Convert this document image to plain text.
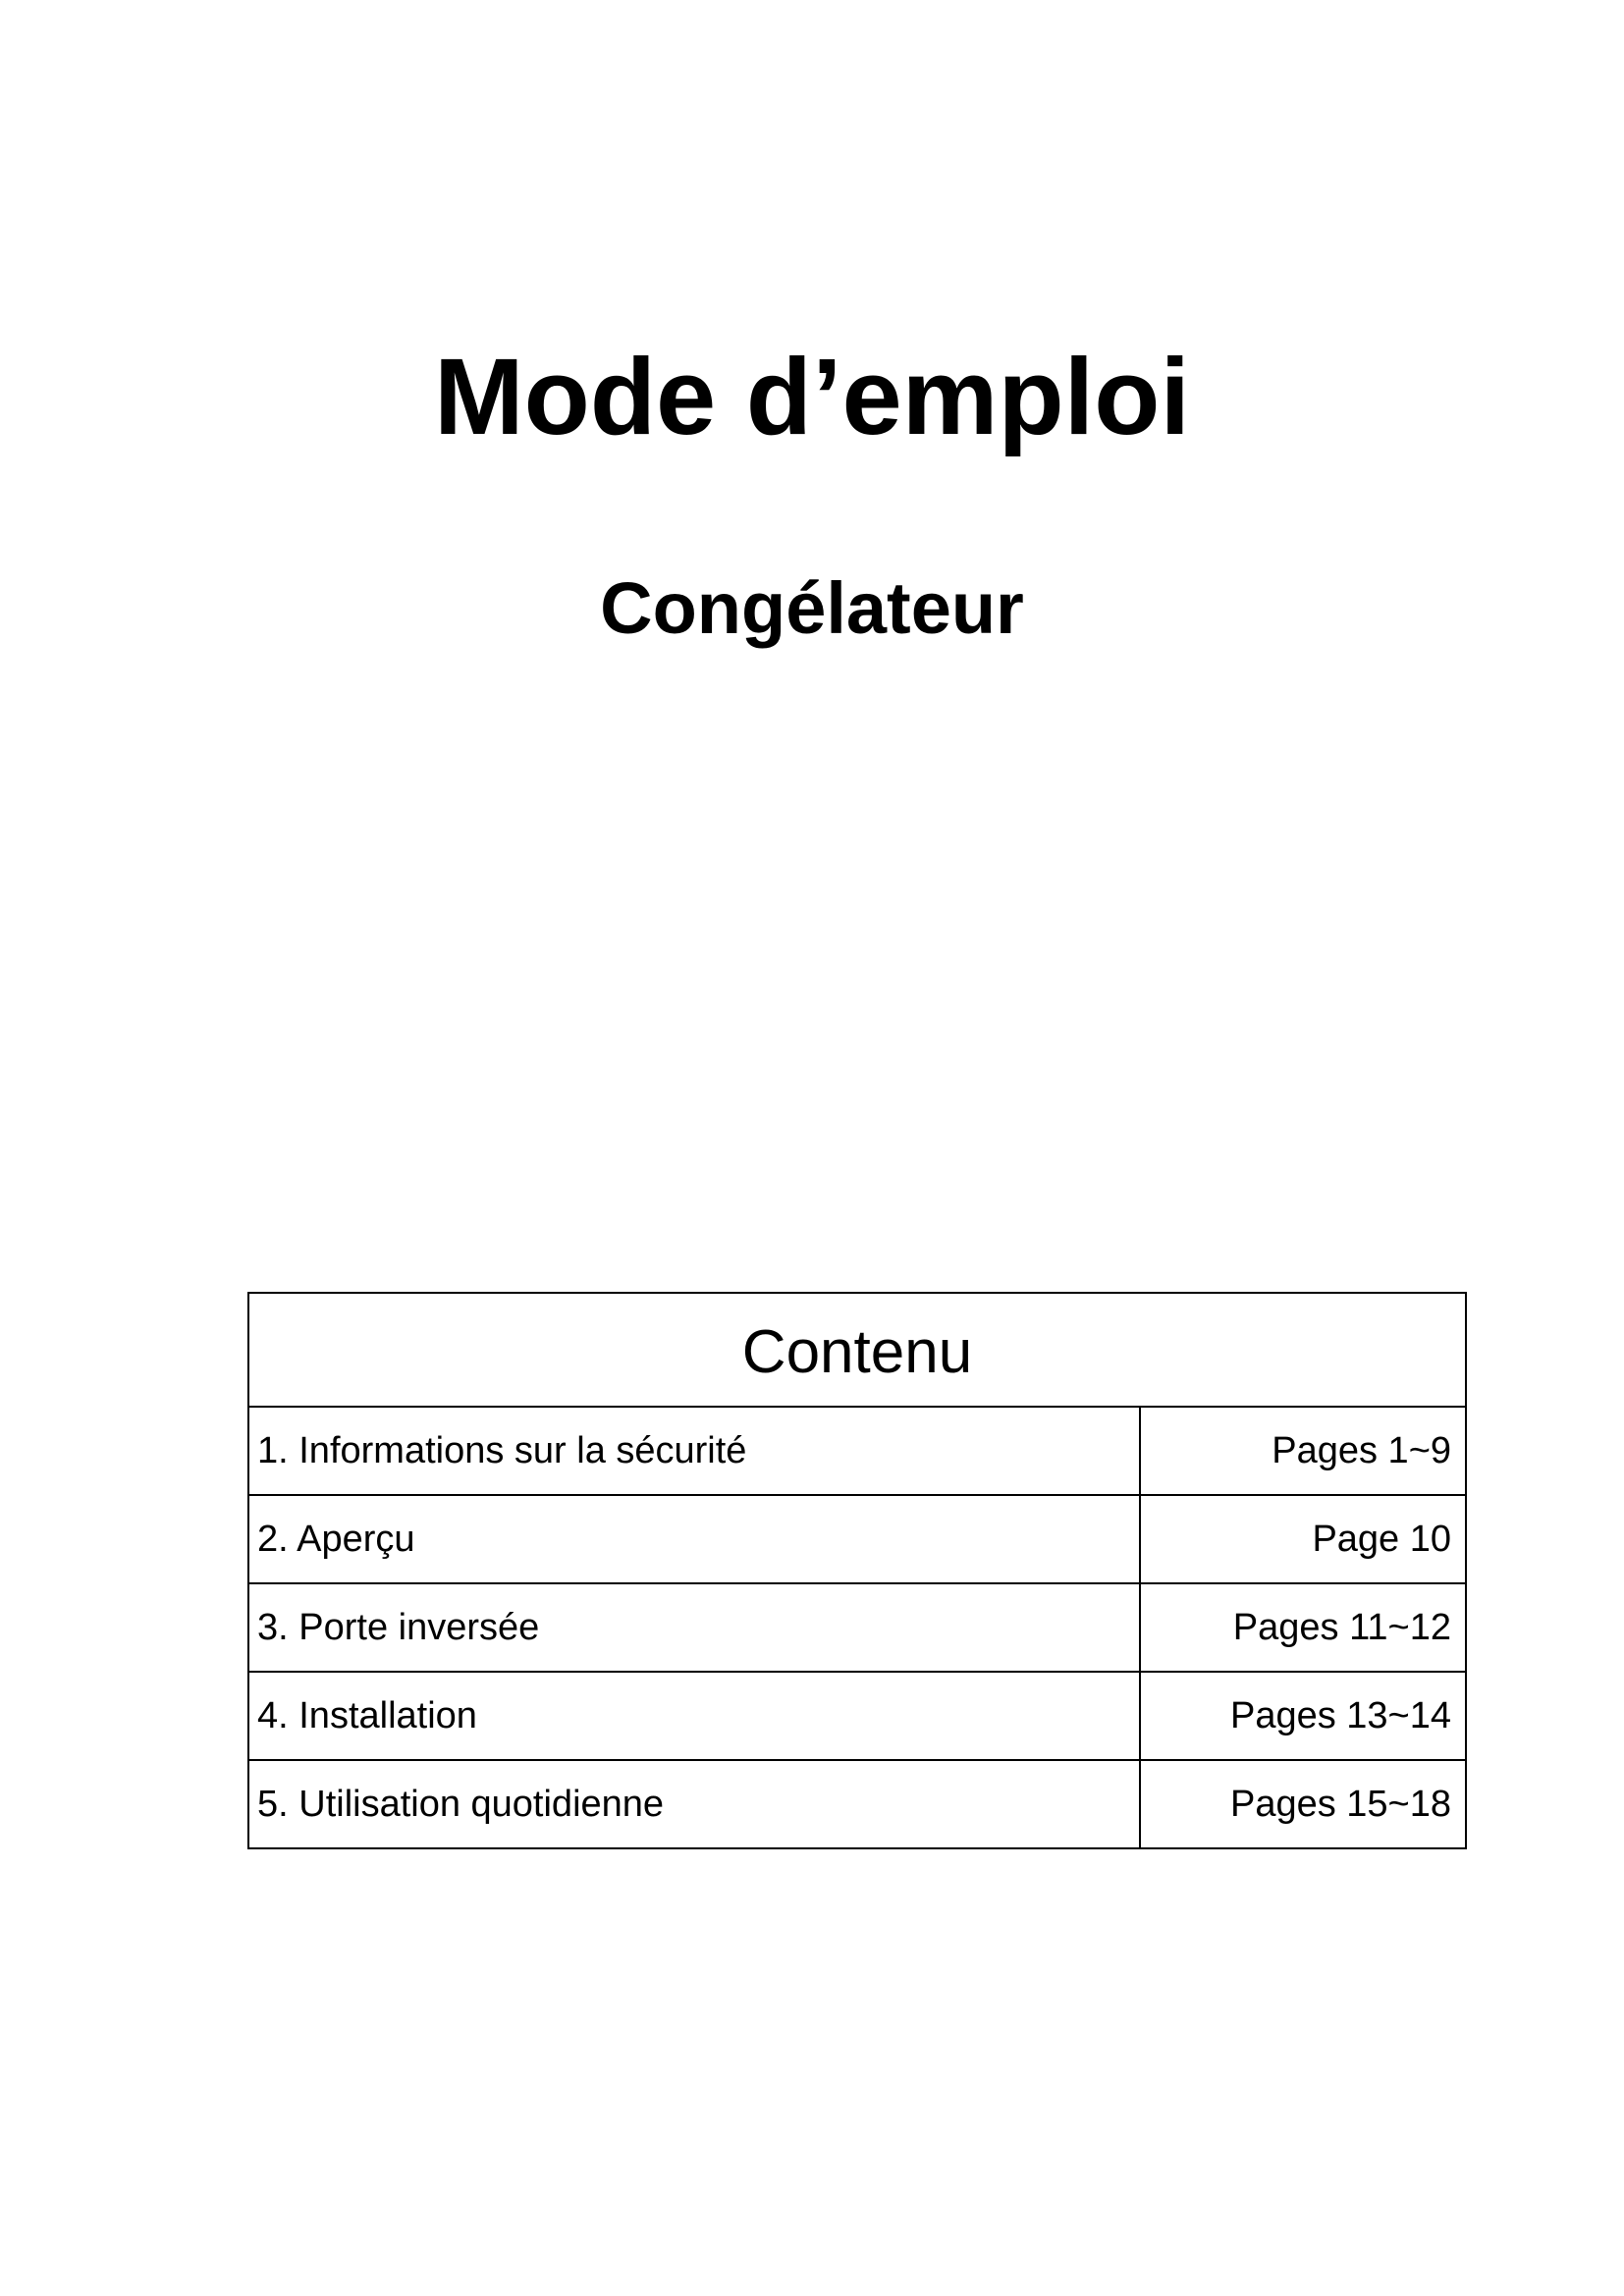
Mode d’emploi
Congélateur
Contenu	
1. Informations sur la sécurité	Pages 1~9
2. Aperçu	Page 10
3. Porte inversée	Pages 11~12
4. Installation	Pages 13~14
5. Utilisation quotidienne	Pages 15~18
